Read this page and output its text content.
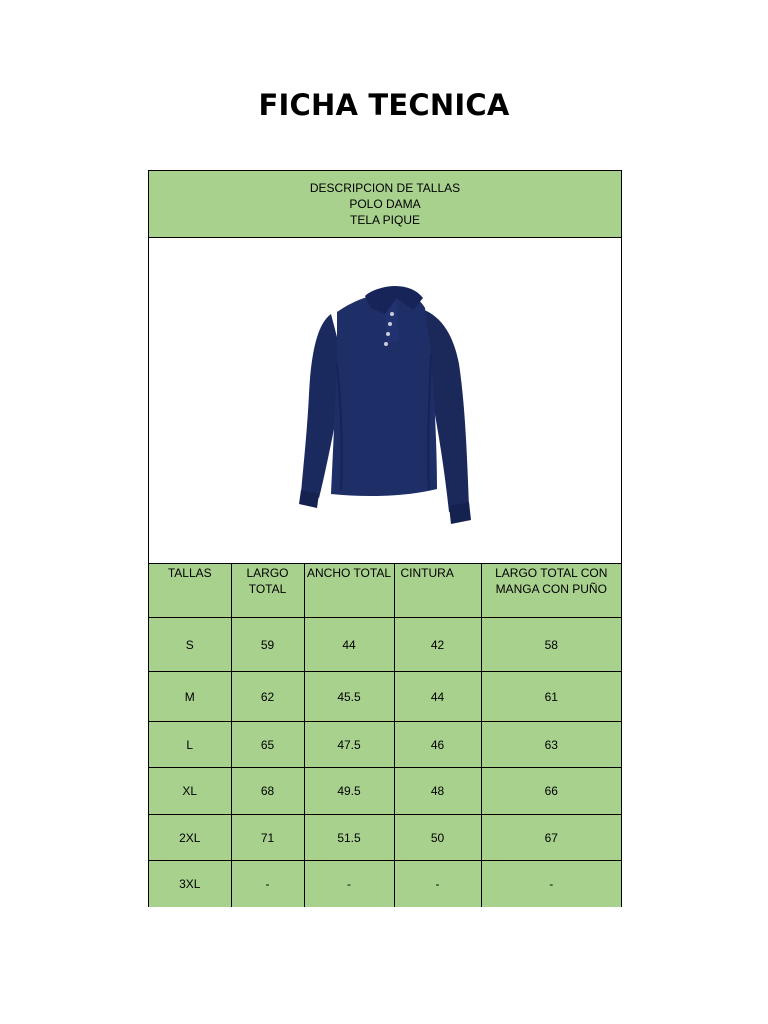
FICHA TECNICA
DESCRIPCION DE TALLAS
POLO DAMA
TELA PIQUE
TALLAS	LARGO TOTAL	ANCHO TOTAL	CINTURA	LARGO TOTAL CON MANGA CON PUÑO
S	59	44	42	58
M	62	45.5	44	61
L	65	47.5	46	63
XL	68	49.5	48	66
2XL	71	51.5	50	67
3XL	-	-	-	-
